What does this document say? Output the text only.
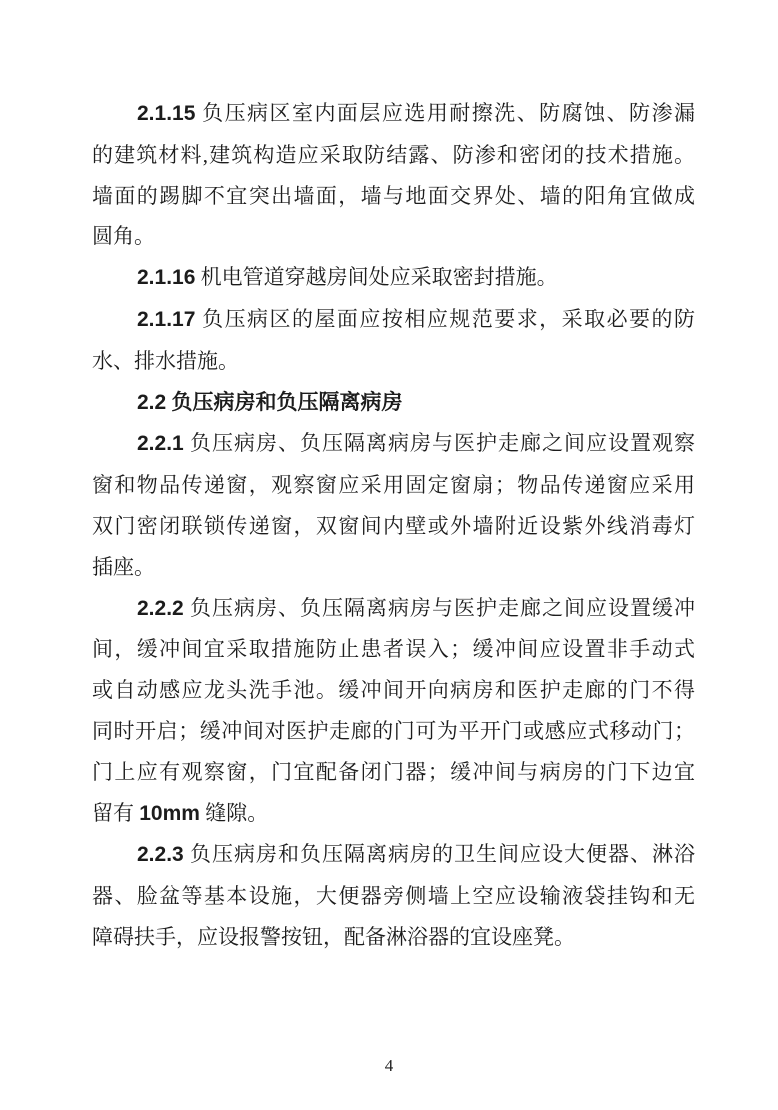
2.1.15 负压病区室内面层应选用耐擦洗、防腐蚀、防渗漏
的建筑材料,建筑构造应采取防结露、防渗和密闭的技术措施。
墙面的踢脚不宜突出墙面，墙与地面交界处、墙的阳角宜做成
圆角。
2.1.16 机电管道穿越房间处应采取密封措施。
2.1.17 负压病区的屋面应按相应规范要求，采取必要的防
水、排水措施。
2.2 负压病房和负压隔离病房
2.2.1 负压病房、负压隔离病房与医护走廊之间应设置观察
窗和物品传递窗，观察窗应采用固定窗扇；物品传递窗应采用
双门密闭联锁传递窗，双窗间内壁或外墙附近设紫外线消毒灯
插座。
2.2.2 负压病房、负压隔离病房与医护走廊之间应设置缓冲
间，缓冲间宜采取措施防止患者误入；缓冲间应设置非手动式
或自动感应龙头洗手池。缓冲间开向病房和医护走廊的门不得
同时开启；缓冲间对医护走廊的门可为平开门或感应式移动门；
门上应有观察窗，门宜配备闭门器；缓冲间与病房的门下边宜
留有 10mm 缝隙。
2.2.3 负压病房和负压隔离病房的卫生间应设大便器、淋浴
器、脸盆等基本设施，大便器旁侧墙上空应设输液袋挂钩和无
障碍扶手，应设报警按钮，配备淋浴器的宜设座凳。
4
